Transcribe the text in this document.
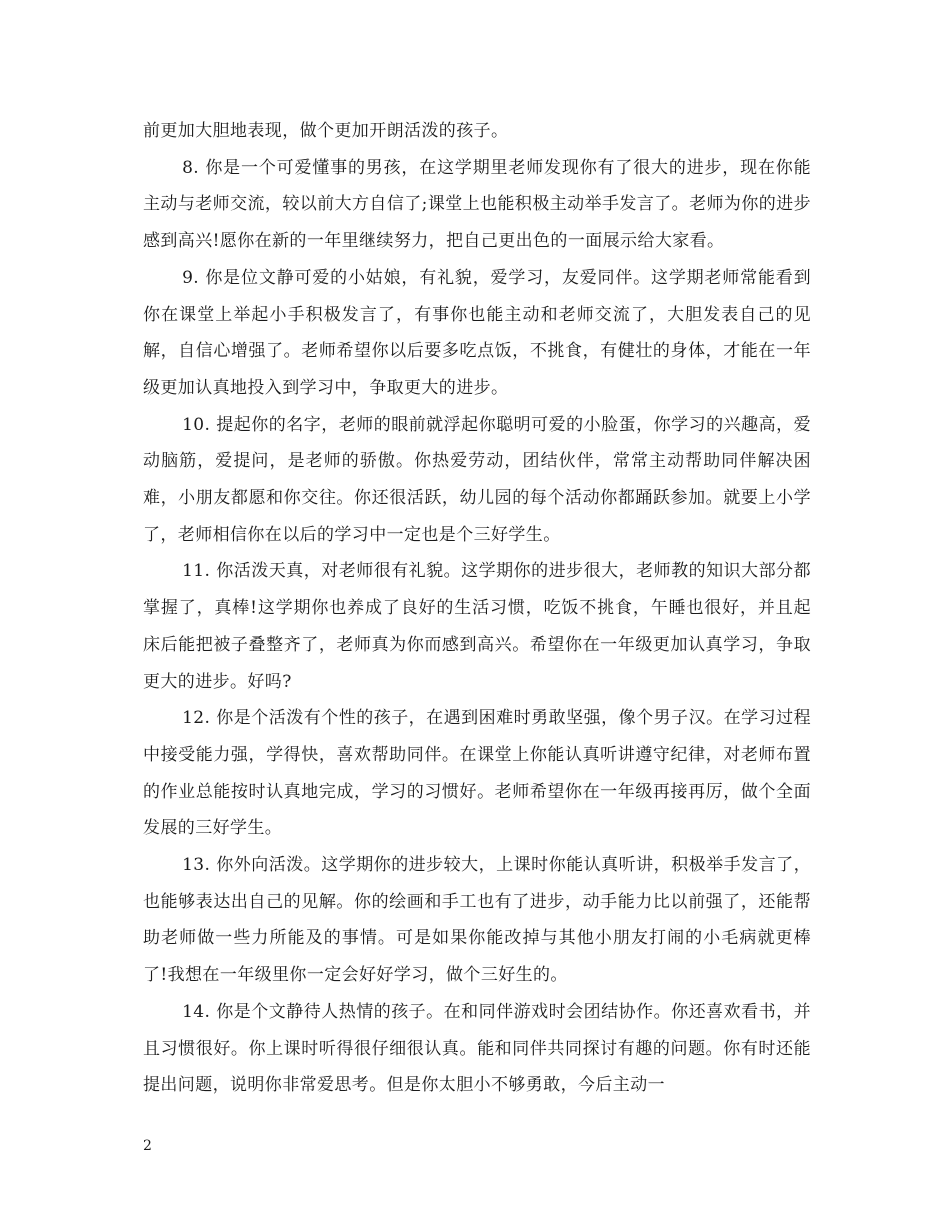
前更加大胆地表现，做个更加开朗活泼的孩子。

8. 你是一个可爱懂事的男孩，在这学期里老师发现你有了很大的进步，现在你能主动与老师交流，较以前大方自信了;课堂上也能积极主动举手发言了。老师为你的进步感到高兴!愿你在新的一年里继续努力，把自己更出色的一面展示给大家看。

9. 你是位文静可爱的小姑娘，有礼貌，爱学习，友爱同伴。这学期老师常能看到你在课堂上举起小手积极发言了，有事你也能主动和老师交流了，大胆发表自己的见解，自信心增强了。老师希望你以后要多吃点饭，不挑食，有健壮的身体，才能在一年级更加认真地投入到学习中，争取更大的进步。

10. 提起你的名字，老师的眼前就浮起你聪明可爱的小脸蛋，你学习的兴趣高，爱动脑筋，爱提问，是老师的骄傲。你热爱劳动，团结伙伴，常常主动帮助同伴解决困难，小朋友都愿和你交往。你还很活跃，幼儿园的每个活动你都踊跃参加。就要上小学了，老师相信你在以后的学习中一定也是个三好学生。

11. 你活泼天真，对老师很有礼貌。这学期你的进步很大，老师教的知识大部分都掌握了，真棒!这学期你也养成了良好的生活习惯，吃饭不挑食，午睡也很好，并且起床后能把被子叠整齐了，老师真为你而感到高兴。希望你在一年级更加认真学习，争取更大的进步。好吗?

12. 你是个活泼有个性的孩子，在遇到困难时勇敢坚强，像个男子汉。在学习过程中接受能力强，学得快，喜欢帮助同伴。在课堂上你能认真听讲遵守纪律，对老师布置的作业总能按时认真地完成，学习的习惯好。老师希望你在一年级再接再厉，做个全面发展的三好学生。

13. 你外向活泼。这学期你的进步较大，上课时你能认真听讲，积极举手发言了，也能够表达出自己的见解。你的绘画和手工也有了进步，动手能力比以前强了，还能帮助老师做一些力所能及的事情。可是如果你能改掉与其他小朋友打闹的小毛病就更棒了!我想在一年级里你一定会好好学习，做个三好生的。

14. 你是个文静待人热情的孩子。在和同伴游戏时会团结协作。你还喜欢看书，并且习惯很好。你上课时听得很仔细很认真。能和同伴共同探讨有趣的问题。你有时还能提出问题，说明你非常爱思考。但是你太胆小不够勇敢，今后主动一

2
